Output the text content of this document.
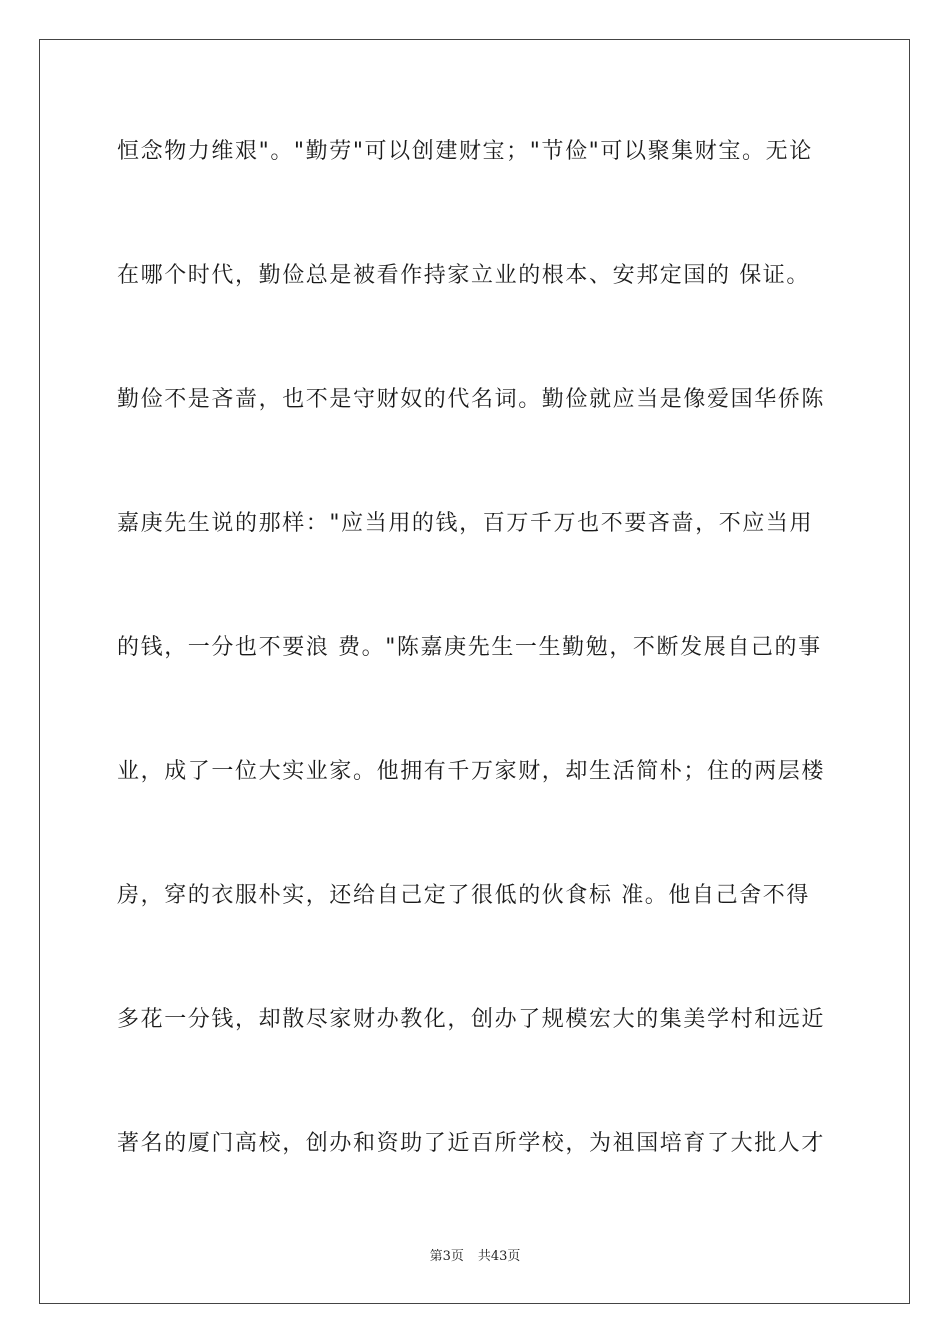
恒念物力维艰"。"勤劳"可以创建财宝；"节俭"可以聚集财宝。无论
在哪个时代，勤俭总是被看作持家立业的根本、安邦定国的 保证。
勤俭不是吝啬，也不是守财奴的代名词。勤俭就应当是像爱国华侨陈
嘉庚先生说的那样："应当用的钱，百万千万也不要吝啬，不应当用
的钱，一分也不要浪 费。"陈嘉庚先生一生勤勉，不断发展自己的事
业，成了一位大实业家。他拥有千万家财，却生活简朴；住的两层楼
房，穿的衣服朴实，还给自己定了很低的伙食标 准。他自己舍不得
多花一分钱，却散尽家财办教化，创办了规模宏大的集美学村和远近
著名的厦门高校，创办和资助了近百所学校，为祖国培育了大批人才
第3页 共43页
